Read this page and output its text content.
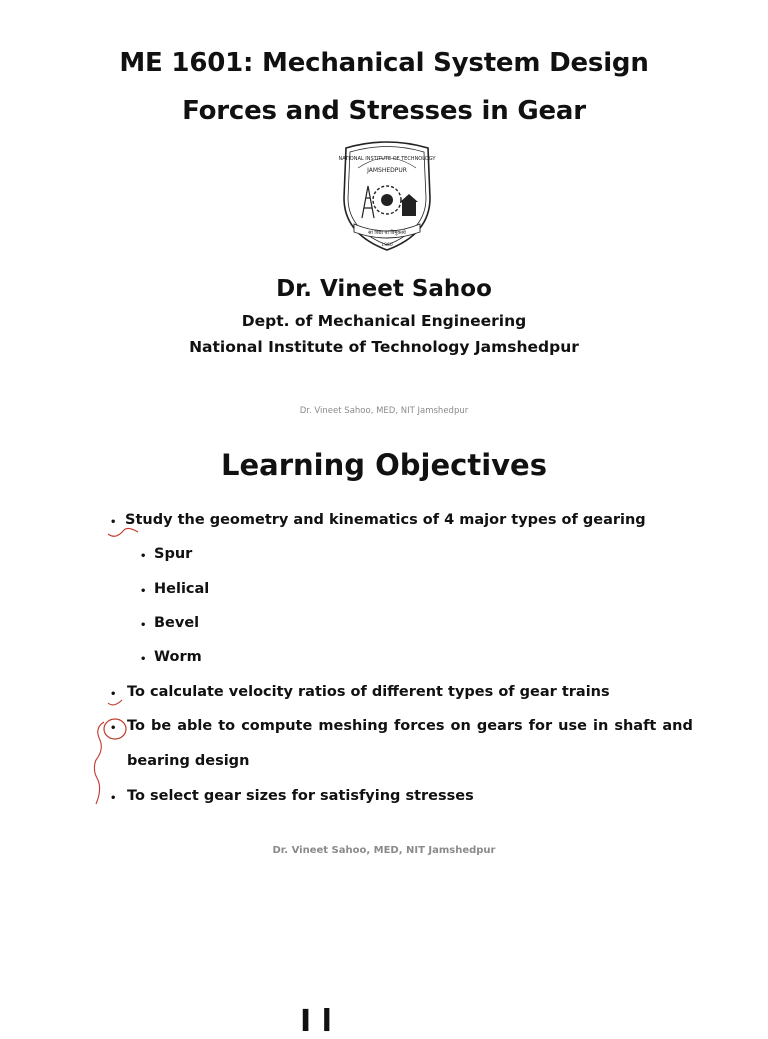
ME 1601: Mechanical System Design
Forces and Stresses in Gear
NATIONAL INSTITUTE OF TECHNOLOGY
JAMSHEDPUR
सा विद्या या विमुक्तये
1960
Dr. Vineet Sahoo
Dept. of Mechanical Engineering
National Institute of Technology Jamshedpur
Dr. Vineet Sahoo, MED, NIT Jamshedpur
Learning Objectives
• Study the geometry and kinematics of 4 major types of gearing
• Spur
• Helical
• Bevel
• Worm
• To calculate velocity ratios of different types of gear trains
• To be able to compute meshing forces on gears for use in shaft and
bearing design
• To select gear sizes for satisfying stresses
Dr. Vineet Sahoo, MED, NIT Jamshedpur
I l
